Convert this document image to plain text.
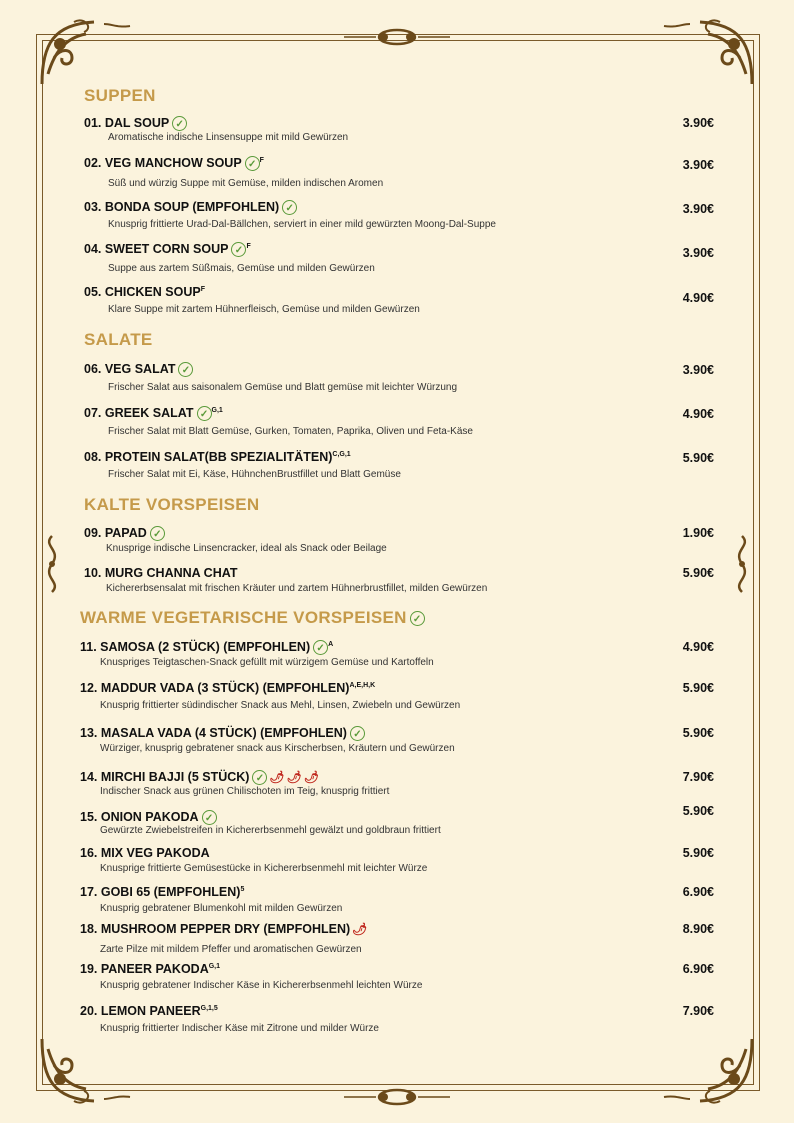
SUPPEN
SALATE
KALTE VORSPEISEN
WARME VEGETARISCHE VORSPEISEN ✓
01. DAL SOUP ✓
Aromatische indische Linsensuppe mit mild Gewürzen
3.90€
02. VEG MANCHOW SOUP ✓ $^F$
Süß und würzig Suppe mit Gemüse, milden indischen Aromen
3.90€
03. BONDA SOUP (EMPFOHLEN) ✓
Knusprig frittierte Urad-Dal-Bällchen, serviert in einer mild gewürzten Moong-Dal-Suppe
3.90€
04. SWEET CORN SOUP ✓ $^F$
Suppe aus zartem Süßmais, Gemüse und milden Gewürzen
3.90€
05. CHICKEN $SOUP^F$
Klare Suppe mit zartem Hühnerfleisch, Gemüse und milden Gewürzen
4.90€
06. VEG SALAT ✓
Frischer Salat aus saisonalem Gemüse und Blatt gemüse mit leichter Würzung
3.90€
07. GREEK SALAT ✓ $^{G,1}$
Frischer Salat mit Blatt Gemüse, Gurken, Tomaten, Paprika, Oliven und Feta-Käse
4.90€
08. PROTEIN SALAT(BB SPEZIALITÄTEN)$^{C,G,1}$
Frischer Salat mit Ei, Käse, HühnchenBrustfillet und Blatt Gemüse
5.90€
09. PAPAD ✓
Knusprige indische Linsencracker, ideal als Snack oder Beilage
1.90€
10. MURG CHANNA CHAT
Kichererbsensalat mit frischen Kräuter und zartem Hühnerbrustfillet, milden Gewürzen
5.90€
11. SAMOSA (2 STÜCK) (EMPFOHLEN) ✓ $^A$
Knuspriges Teigtaschen-Snack gefüllt mit würzigem Gemüse und Kartoffeln
4.90€
12. MADDUR VADA (3 STÜCK) (EMPFOHLEN)$^{A,E,H,K}$
Knusprig frittierter südindischer Snack aus Mehl, Linsen, Zwiebeln und Gewürzen
5.90€
13. MASALA VADA (4 STÜCK) (EMPFOHLEN) ✓
Würziger, knusprig gebratener snack aus Kirscherbsen, Kräutern und Gewürzen
5.90€
14. MIRCHI BAJJI (5 STÜCK) ✓ 🌶 🌶 🌶
Indischer Snack aus grünen Chilischoten im Teig, knusprig frittiert
7.90€
15. ONION PAKODA ✓
Gewürzte Zwiebelstreifen in Kichererbsenmehl gewälzt und goldbraun frittiert
5.90€
16. MIX VEG PAKODA
Knusprige frittierte Gemüsestücke in Kichererbsenmehl mit leichter Würze
5.90€
17. GOBI 65 (EMPFOHLEN)$^5$
Knusprig gebratener Blumenkohl mit milden Gewürzen
6.90€
18. MUSHROOM PEPPER DRY (EMPFOHLEN) 🌶
Zarte Pilze mit mildem Pfeffer und aromatischen Gewürzen
8.90€
19. PANEER $PAKODA^{G,1}$
Knusprig gebratener Indischer Käse in Kichererbsenmehl leichten Würze
6.90€
20. LEMON $PANEER^{G,1,5}$
Knusprig frittierter Indischer Käse mit Zitrone und milder Würze
7.90€
